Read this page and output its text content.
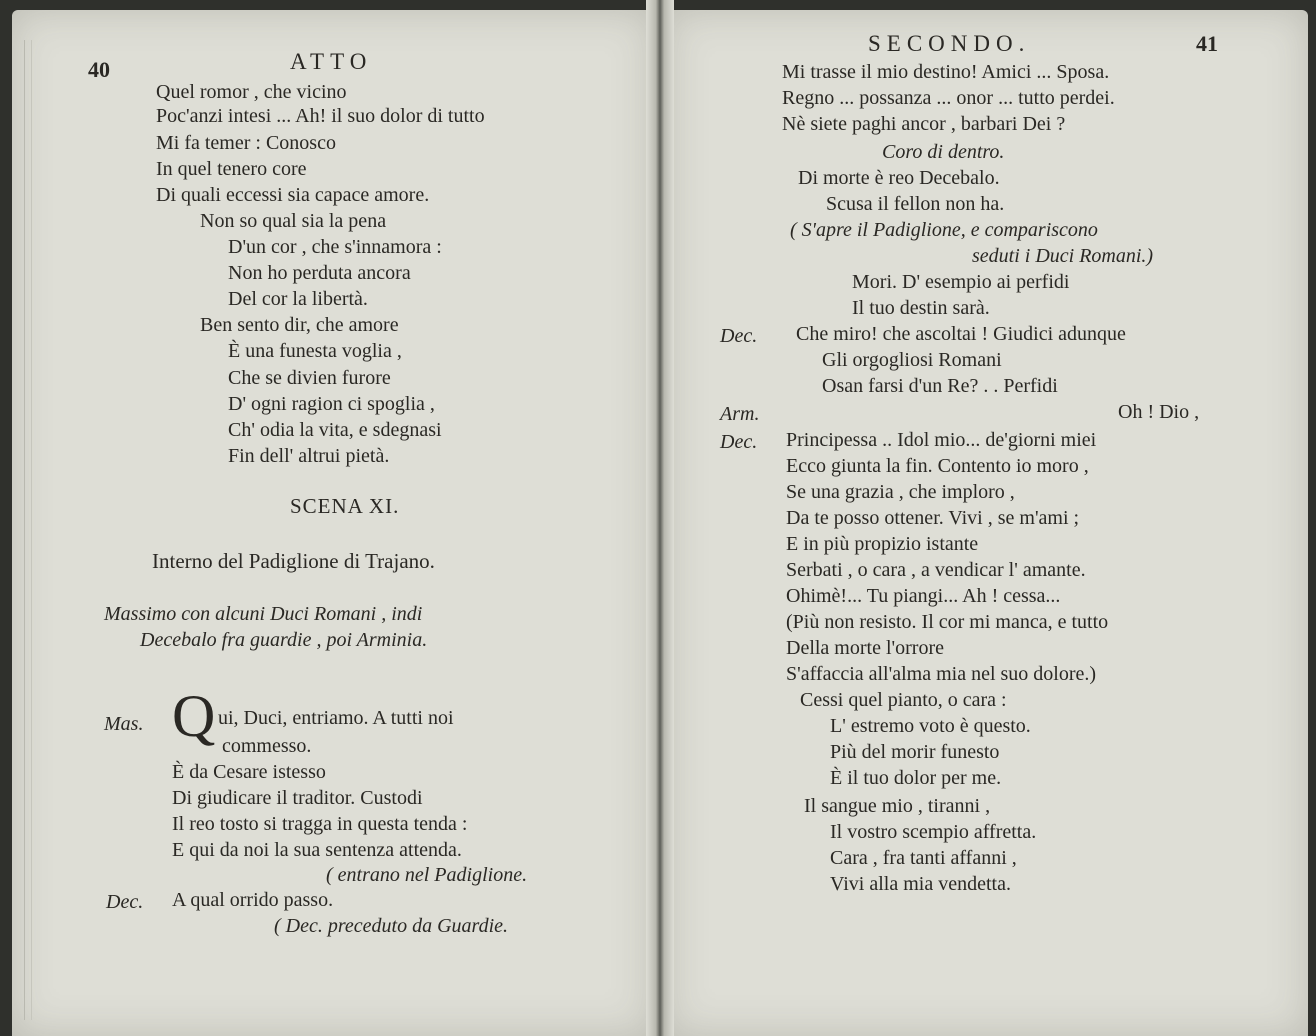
40	ATTO
Quel romor , che vicino
Poc'anzi intesi ... Ah! il suo dolor di tutto
Mi fa temer : Conosco
In quel tenero core
Di quali eccessi sia capace amore.
Non so qual sia la pena
D'un cor , che s'innamora :
Non ho perduta ancora
Del cor la libertà.
Ben sento dir, che amore
È una funesta voglia ,
Che se divien furore
D' ogni ragion ci spoglia ,
Ch' odia la vita, e sdegnasi
Fin dell' altrui pietà.
SCENA XI.
Interno del Padiglione di Trajano.
Massimo con alcuni Duci Romani , indi
Decebalo fra guardie , poi Arminia.
Mas. Q ui, Duci, entriamo. A tutti noi
commesso.
È da Cesare istesso
Di giudicare il traditor. Custodi
Il reo tosto si tragga in questa tenda :
E qui da noi la sua sentenza attenda.
( entrano nel Padiglione.
Dec. A qual orrido passo.
( Dec. preceduto da Guardie.
SECONDO.	41
Mi trasse il mio destino! Amici ... Sposa.
Regno ... possanza ... onor ... tutto perdei.
Nè siete paghi ancor , barbari Dei ?
Coro di dentro.
Di morte è reo Decebalo.
Scusa il fellon non ha.
( S'apre il Padiglione, e compariscono
seduti i Duci Romani.)
Mori. D' esempio ai perfidi
Il tuo destin sarà.
Dec. Che miro! che ascoltai ! Giudici adunque
Gli orgogliosi Romani
Osan farsi d'un Re? . . Perfidi
Arm.	Oh ! Dio ,
Dec. Principessa .. Idol mio... de'giorni miei
Ecco giunta la fin. Contento io moro ,
Se una grazia , che imploro ,
Da te posso ottener. Vivi , se m'ami ;
E in più propizio istante
Serbati , o cara , a vendicar l' amante.
Ohimè!... Tu piangi... Ah ! cessa...
(Più non resisto. Il cor mi manca, e tutto
Della morte l'orrore
S'affaccia all'alma mia nel suo dolore.)
Cessi quel pianto, o cara :
L' estremo voto è questo.
Più del morir funesto
È il tuo dolor per me.
Il sangue mio , tiranni ,
Il vostro scempio affretta.
Cara , fra tanti affanni ,
Vivi alla mia vendetta.
